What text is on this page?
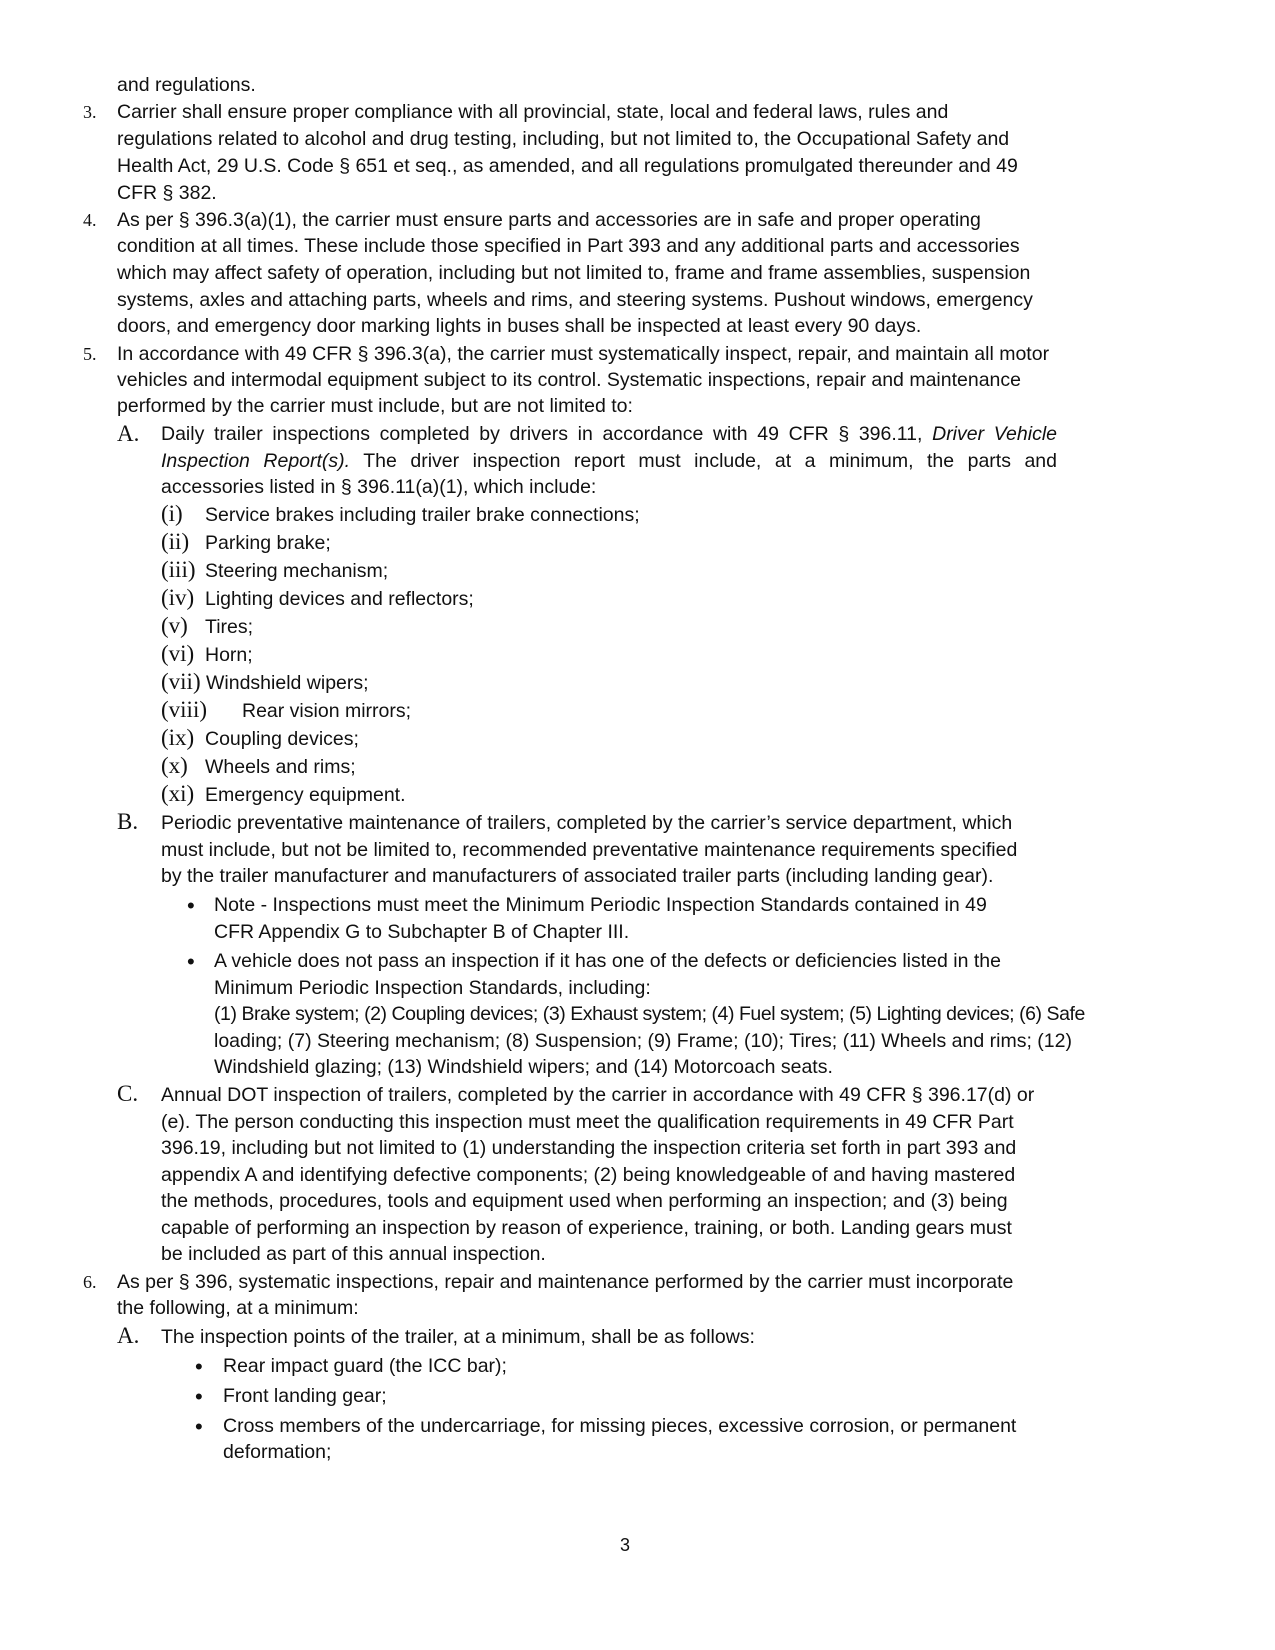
and regulations.
3. Carrier shall ensure proper compliance with all provincial, state, local and federal laws, rules and
regulations related to alcohol and drug testing, including, but not limited to, the Occupational Safety and
Health Act, 29 U.S. Code § 651 et seq., as amended, and all regulations promulgated thereunder and 49
CFR § 382.
4. As per § 396.3(a)(1), the carrier must ensure parts and accessories are in safe and proper operating
condition at all times. These include those specified in Part 393 and any additional parts and accessories
which may affect safety of operation, including but not limited to, frame and frame assemblies, suspension
systems, axles and attaching parts, wheels and rims, and steering systems. Pushout windows, emergency
doors, and emergency door marking lights in buses shall be inspected at least every 90 days.
5. In accordance with 49 CFR § 396.3(a), the carrier must systematically inspect, repair, and maintain all motor
vehicles and intermodal equipment subject to its control. Systematic inspections, repair and maintenance
performed by the carrier must include, but are not limited to:
A. Daily trailer inspections completed by drivers in accordance with 49 CFR § 396.11, Driver Vehicle
Inspection Report(s). The driver inspection report must include, at a minimum, the parts and
accessories listed in § 396.11(a)(1), which include:
(i) Service brakes including trailer brake connections;
(ii) Parking brake;
(iii) Steering mechanism;
(iv) Lighting devices and reflectors;
(v) Tires;
(vi) Horn;
(vii) Windshield wipers;
(viii) Rear vision mirrors;
(ix) Coupling devices;
(x) Wheels and rims;
(xi) Emergency equipment.
B. Periodic preventative maintenance of trailers, completed by the carrier’s service department, which
must include, but not be limited to, recommended preventative maintenance requirements specified
by the trailer manufacturer and manufacturers of associated trailer parts (including landing gear).
• Note - Inspections must meet the Minimum Periodic Inspection Standards contained in 49
CFR Appendix G to Subchapter B of Chapter III.
• A vehicle does not pass an inspection if it has one of the defects or deficiencies listed in the
Minimum Periodic Inspection Standards, including:
(1) Brake system; (2) Coupling devices; (3) Exhaust system; (4) Fuel system; (5) Lighting devices; (6) Safe
loading; (7) Steering mechanism; (8) Suspension; (9) Frame; (10); Tires; (11) Wheels and rims; (12)
Windshield glazing; (13) Windshield wipers; and (14) Motorcoach seats.
C. Annual DOT inspection of trailers, completed by the carrier in accordance with 49 CFR § 396.17(d) or
(e). The person conducting this inspection must meet the qualification requirements in 49 CFR Part
396.19, including but not limited to (1) understanding the inspection criteria set forth in part 393 and
appendix A and identifying defective components; (2) being knowledgeable of and having mastered
the methods, procedures, tools and equipment used when performing an inspection; and (3) being
capable of performing an inspection by reason of experience, training, or both. Landing gears must
be included as part of this annual inspection.
6. As per § 396, systematic inspections, repair and maintenance performed by the carrier must incorporate
the following, at a minimum:
A. The inspection points of the trailer, at a minimum, shall be as follows:
• Rear impact guard (the ICC bar);
• Front landing gear;
• Cross members of the undercarriage, for missing pieces, excessive corrosion, or permanent
deformation;
3
